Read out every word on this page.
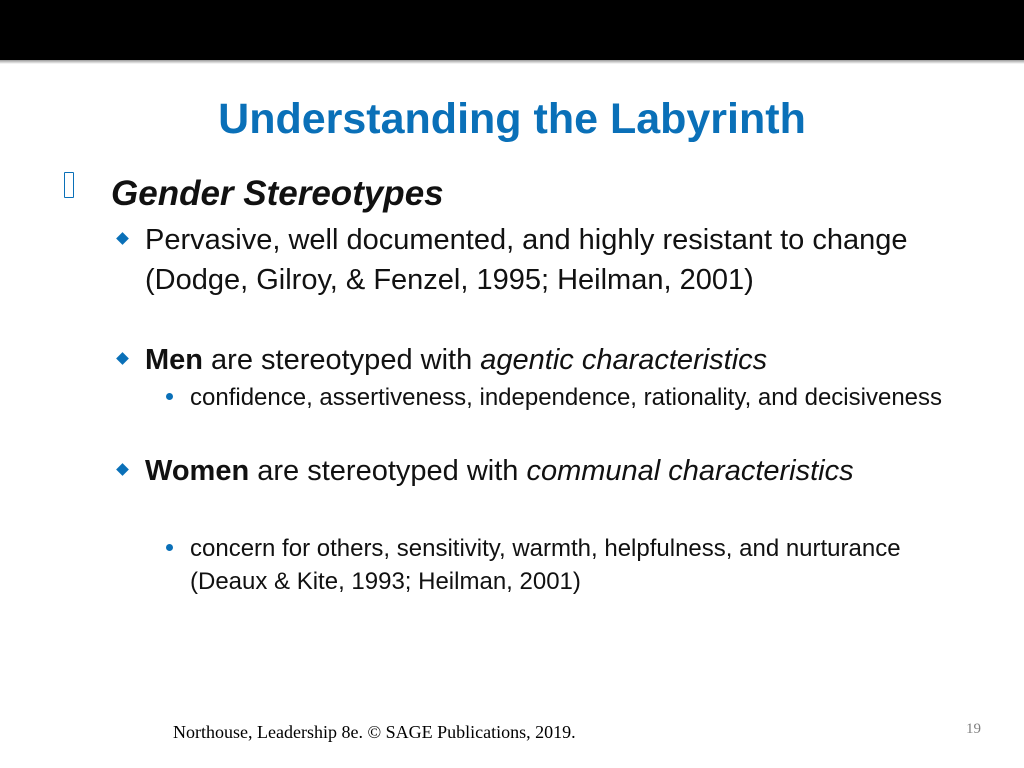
Understanding the Labyrinth
Gender Stereotypes
Pervasive, well documented, and highly resistant to change (Dodge, Gilroy, & Fenzel, 1995; Heilman, 2001)
Men are stereotyped with agentic characteristics
confidence, assertiveness, independence, rationality, and decisiveness
Women are stereotyped with communal characteristics
concern for others, sensitivity, warmth, helpfulness, and nurturance (Deaux & Kite, 1993; Heilman, 2001)
Northouse, Leadership 8e. © SAGE Publications, 2019.	19
